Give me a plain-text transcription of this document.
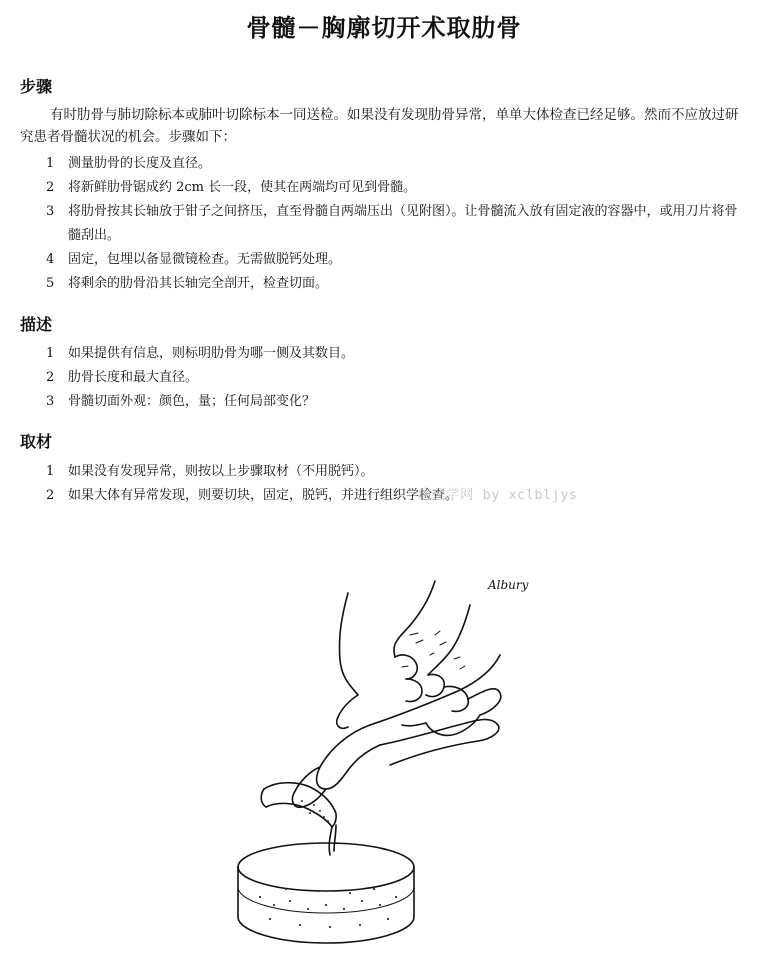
骨髓－胸廓切开术取肋骨
步骤
有时肋骨与肺切除标本或肺叶切除标本一同送检。如果没有发现肋骨异常，单单大体检查已经足够。然而不应放过研究患者骨髓状况的机会。步骤如下：
1 测量肋骨的长度及直径。
2 将新鲜肋骨锯成约 2cm 长一段，使其在两端均可见到骨髓。
3 将肋骨按其长轴放于钳子之间挤压，直至骨髓自两端压出（见附图）。让骨髓流入放有固定液的容器中，或用刀片将骨髓刮出。
4 固定，包埋以备显微镜检查。无需做脱钙处理。
5 将剩余的肋骨沿其长轴完全剖开，检查切面。
描述
1 如果提供有信息，则标明肋骨为哪一侧及其数目。
2 肋骨长度和最大直径。
3 骨髓切面外观：颜色，量；任何局部变化？
取材
1 如果没有发现异常，则按以上步骤取材（不用脱钙）。
2 如果大体有异常发现，则要切块，固定，脱钙，并进行组织学检查。
病理学网 by xclbljys
Albury
